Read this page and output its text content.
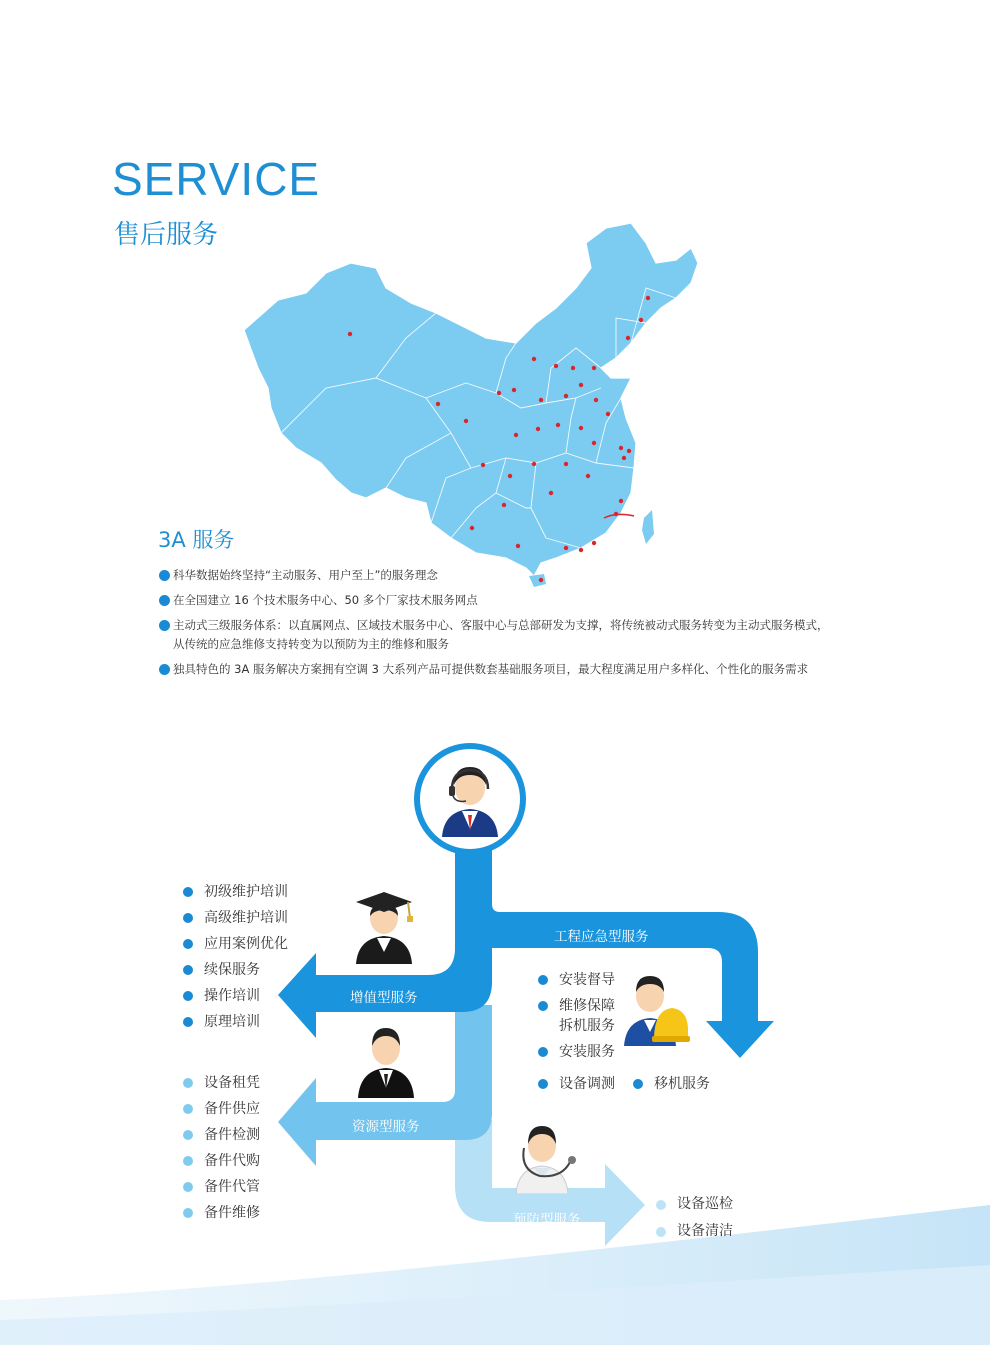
SERVICE
售后服务
3A 服务
科华数据始终坚持“主动服务、用户至上”的服务理念
在全国建立 16 个技术服务中心、50 多个厂家技术服务网点
主动式三级服务体系：以直属网点、区域技术服务中心、客服中心与总部研发为支撑，将传统被动式服务转变为主动式服务模式，
从传统的应急维修支持转变为以预防为主的维修和服务
独具特色的 3A 服务解决方案拥有空调 3 大系列产品可提供数套基础服务项目，最大程度满足用户多样化、个性化的服务需求
工程应急型服务
增值型服务
资源型服务
预防型服务
初级维护培训
高级维护培训
应用案例优化
续保服务
操作培训
原理培训
设备租凭
备件供应
备件检测
备件代购
备件代管
备件维修
安装督导
维修保障
拆机服务
安装服务
设备调测	移机服务
设备巡检
设备清洁
